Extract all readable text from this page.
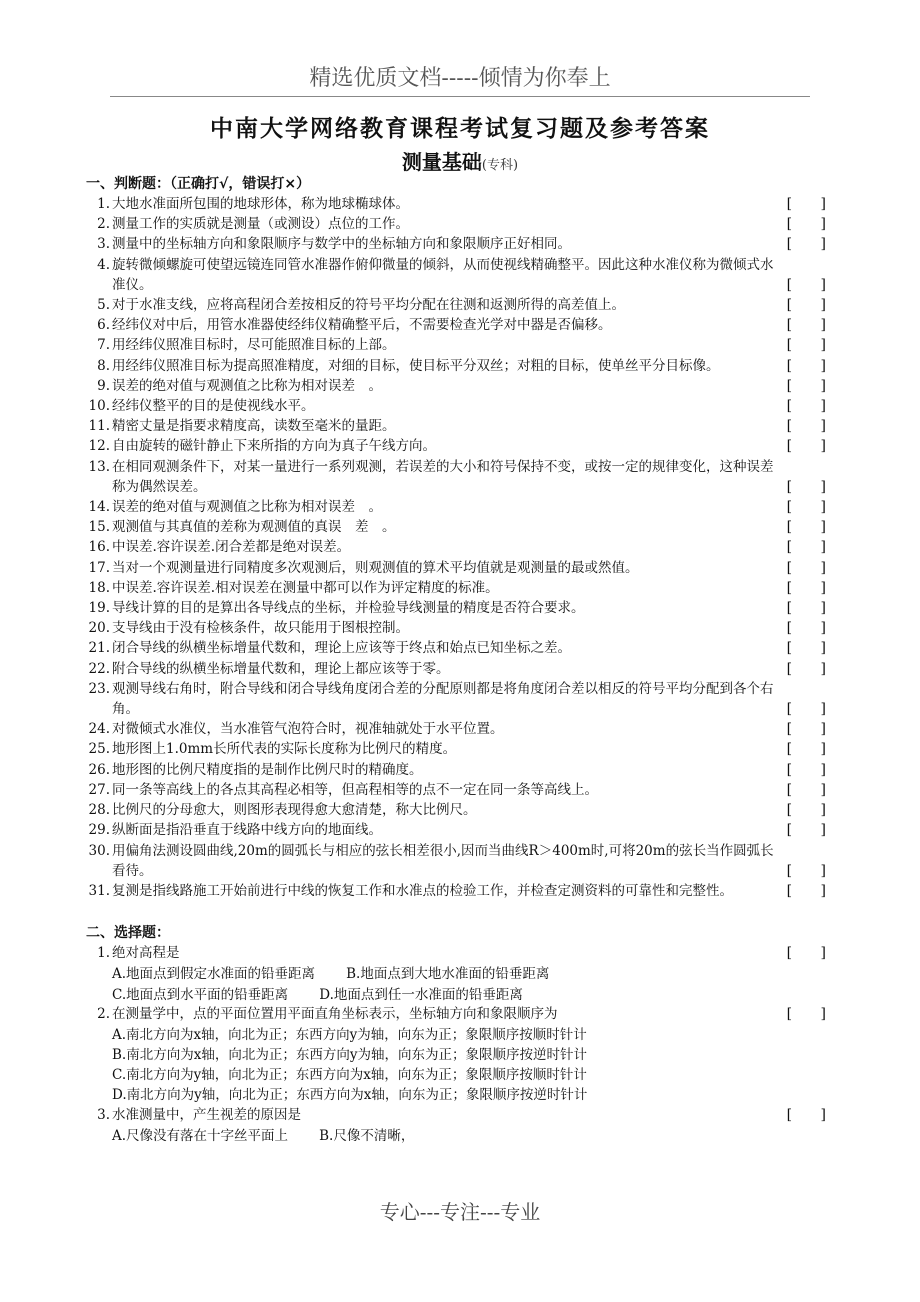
精选优质文档-----倾情为你奉上
中南大学网络教育课程考试复习题及参考答案
测量基础(专科)
一、判断题：（正确打√，错误打×）
1. 大地水准面所包围的地球形体，称为地球椭球体。	[ ]
2. 测量工作的实质就是测量（或测设）点位的工作。	[ ]
3. 测量中的坐标轴方向和象限顺序与数学中的坐标轴方向和象限顺序正好相同。	[ ]
4. 旋转微倾螺旋可使望远镜连同管水准器作俯仰微量的倾斜，从而使视线精确整平。因此这种水准仪称为微倾式水准仪。	[ ]
5. 对于水准支线，应将高程闭合差按相反的符号平均分配在往测和返测所得的高差值上。	[ ]
6. 经纬仪对中后，用管水准器使经纬仪精确整平后，不需要检查光学对中器是否偏移。	[ ]
7. 用经纬仪照准目标时，尽可能照准目标的上部。	[ ]
8. 用经纬仪照准目标为提高照准精度，对细的目标，使目标平分双丝；对粗的目标，使单丝平分目标像。	[ ]
9. 误差的绝对值与观测值之比称为相对误差　。	[ ]
10. 经纬仪整平的目的是使视线水平。	[ ]
11. 精密丈量是指要求精度高，读数至毫米的量距。	[ ]
12. 自由旋转的磁针静止下来所指的方向为真子午线方向。	[ ]
13. 在相同观测条件下，对某一量进行一系列观测，若误差的大小和符号保持不变，或按一定的规律变化，这种误差称为偶然误差。	[ ]
14. 误差的绝对值与观测值之比称为相对误差　。	[ ]
15. 观测值与其真值的差称为观测值的真误　差　。	[ ]
16. 中误差.容许误差.闭合差都是绝对误差。	[ ]
17. 当对一个观测量进行同精度多次观测后，则观测值的算术平均值就是观测量的最或然值。	[ ]
18. 中误差.容许误差.相对误差在测量中都可以作为评定精度的标准。	[ ]
19. 导线计算的目的是算出各导线点的坐标，并检验导线测量的精度是否符合要求。	[ ]
20. 支导线由于没有检核条件，故只能用于图根控制。	[ ]
21. 闭合导线的纵横坐标增量代数和，理论上应该等于终点和始点已知坐标之差。	[ ]
22. 附合导线的纵横坐标增量代数和，理论上都应该等于零。	[ ]
23. 观测导线右角时，附合导线和闭合导线角度闭合差的分配原则都是将角度闭合差以相反的符号平均分配到各个右角。	[ ]
24. 对微倾式水准仪，当水准管气泡符合时，视准轴就处于水平位置。	[ ]
25. 地形图上1.0mm长所代表的实际长度称为比例尺的精度。	[ ]
26. 地形图的比例尺精度指的是制作比例尺时的精确度。	[ ]
27. 同一条等高线上的各点其高程必相等，但高程相等的点不一定在同一条等高线上。	[ ]
28. 比例尺的分母愈大，则图形表现得愈大愈清楚，称大比例尺。	[ ]
29. 纵断面是指沿垂直于线路中线方向的地面线。	[ ]
30. 用偏角法测设圆曲线,20m的圆弧长与相应的弦长相差很小,因而当曲线R＞400m时,可将20m的弦长当作圆弧长看待。	[ ]
31. 复测是指线路施工开始前进行中线的恢复工作和水准点的检验工作，并检查定测资料的可靠性和完整性。	[ ]
二、选择题：
1. 绝对高程是	[ ]
A.地面点到假定水准面的铅垂距离 B.地面点到大地水准面的铅垂距离
C.地面点到水平面的铅垂距离 D.地面点到任一水准面的铅垂距离
2. 在测量学中，点的平面位置用平面直角坐标表示，坐标轴方向和象限顺序为	[ ]
A.南北方向为x轴，向北为正；东西方向y为轴，向东为正；象限顺序按顺时针计
B.南北方向为x轴，向北为正；东西方向y为轴，向东为正；象限顺序按逆时针计
C.南北方向为y轴，向北为正；东西方向为x轴，向东为正；象限顺序按顺时针计
D.南北方向为y轴，向北为正；东西方向为x轴，向东为正；象限顺序按逆时针计
3. 水准测量中，产生视差的原因是	[ ]
A.尺像没有落在十字丝平面上 B.尺像不清晰，
专心---专注---专业
